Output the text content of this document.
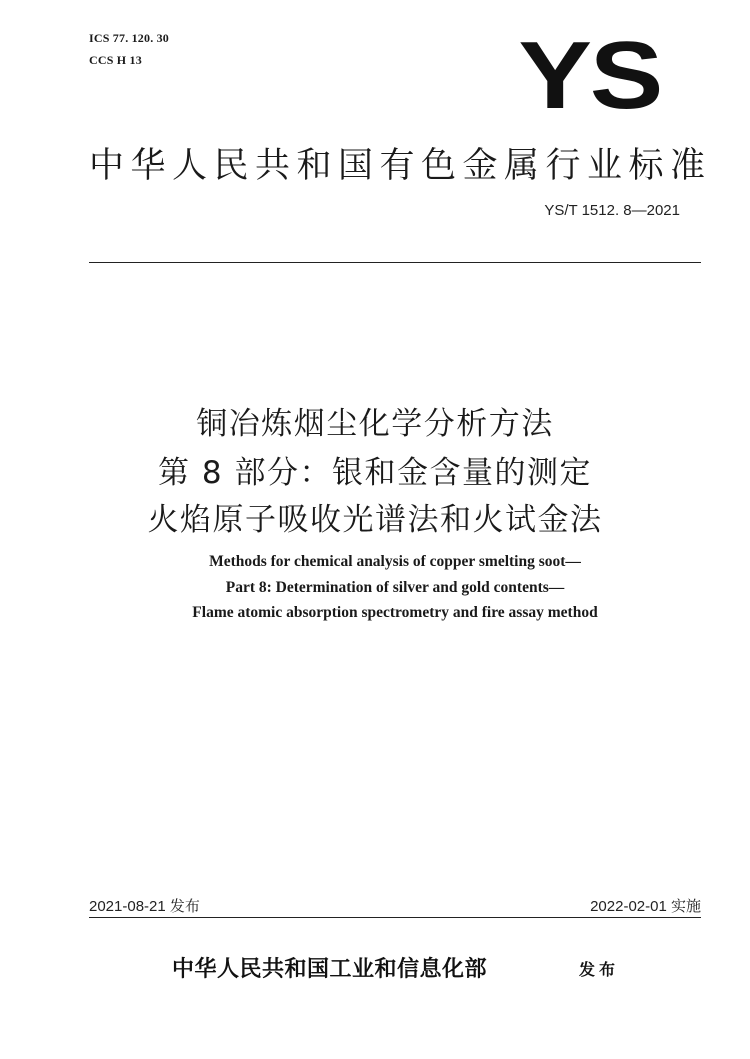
ICS 77. 120. 30
CCS H 13	YS
中华人民共和国有色金属行业标准
YS/T 1512. 8—2021
铜冶炼烟尘化学分析方法
第 8 部分：银和金含量的测定
火焰原子吸收光谱法和火试金法
Methods for chemical analysis of copper smelting soot—
Part 8: Determination of silver and gold contents—
Flame atomic absorption spectrometry and fire assay method
2021-08-21 发布	2022-02-01 实施
中华人民共和国工业和信息化部	发布
